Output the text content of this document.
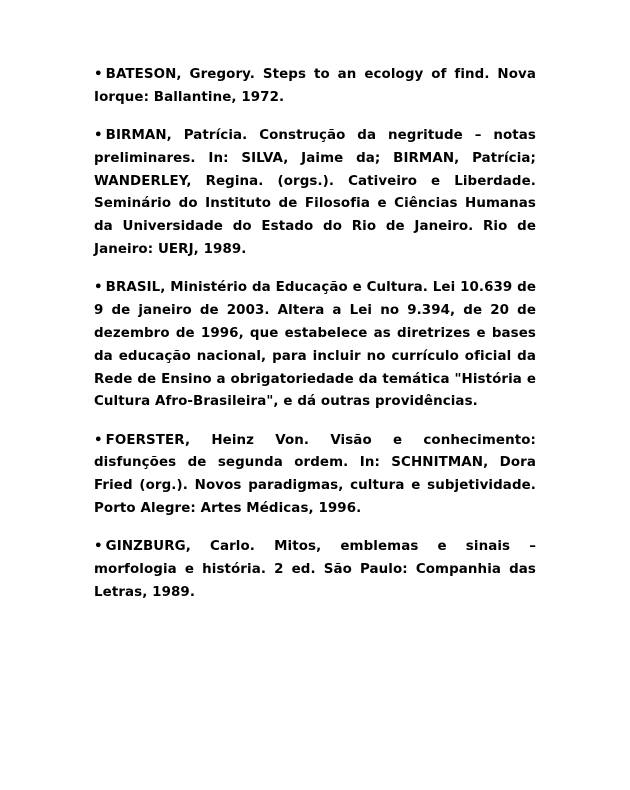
• BATESON, Gregory. Steps to an ecology of find. Nova Iorque: Ballantine, 1972.

• BIRMAN, Patrícia. Construção da negritude – notas preliminares. In: SILVA, Jaime da; BIRMAN, Patrícia; WANDERLEY, Regina. (orgs.). Cativeiro e Liberdade. Seminário do Instituto de Filosofia e Ciências Humanas da Universidade do Estado do Rio de Janeiro. Rio de Janeiro: UERJ, 1989.

• BRASIL, Ministério da Educação e Cultura. Lei 10.639 de 9 de janeiro de 2003. Altera a Lei no 9.394, de 20 de dezembro de 1996, que estabelece as diretrizes e bases da educação nacional, para incluir no currículo oficial da Rede de Ensino a obrigatoriedade da temática "História e Cultura Afro-Brasileira", e dá outras providências.

• FOERSTER, Heinz Von. Visão e conhecimento: disfunções de segunda ordem. In: SCHNITMAN, Dora Fried (org.). Novos paradigmas, cultura e subjetividade. Porto Alegre: Artes Médicas, 1996.

• GINZBURG, Carlo. Mitos, emblemas e sinais – morfologia e história. 2 ed. São Paulo: Companhia das Letras, 1989.
